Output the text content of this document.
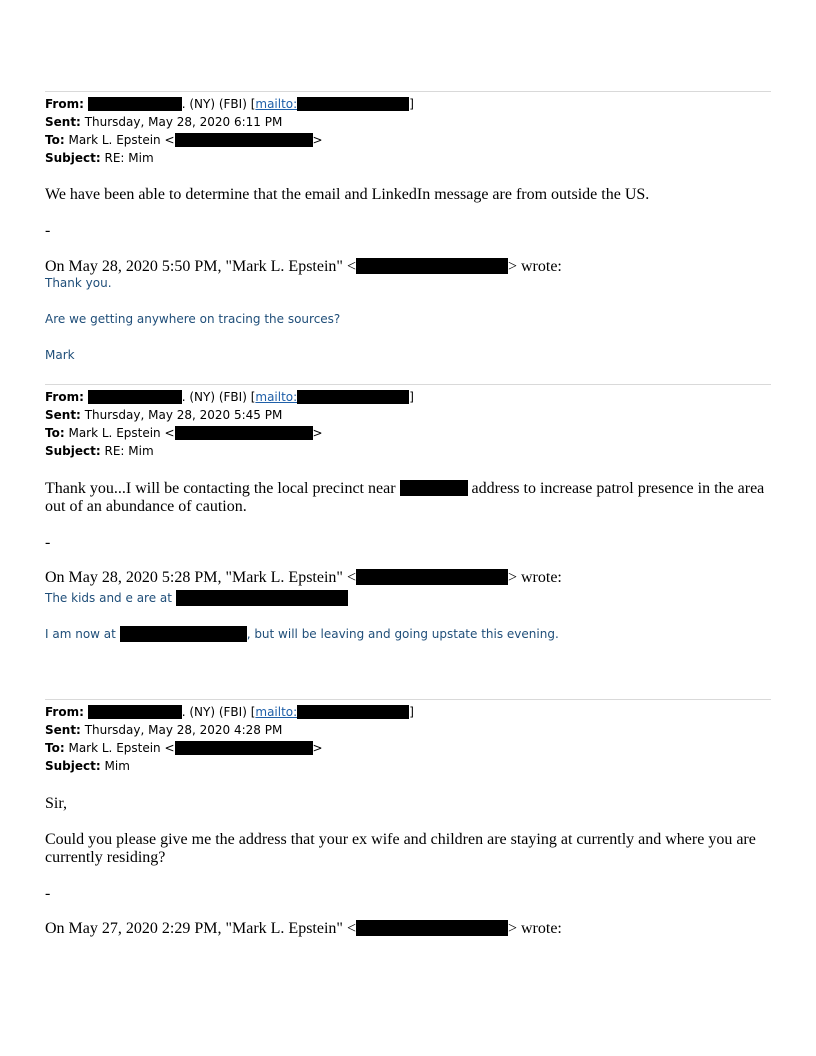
From:	. (NY) (FBI) [mailto:	]
Sent: Thursday, May 28, 2020 6:11 PM
To: Mark L. Epstein <	>
Subject: RE: Mim
We have been able to determine that the email and LinkedIn message are from outside the US.
-
On May 28, 2020 5:50 PM, "Mark L. Epstein" <	> wrote:
Thank you.
Are we getting anywhere on tracing the sources?
Mark
From:	. (NY) (FBI) [mailto:	]
Sent: Thursday, May 28, 2020 5:45 PM
To: Mark L. Epstein <	>
Subject: RE: Mim
Thank you...I will be contacting the local precinct near	address to increase patrol presence in the area
out of an abundance of caution.
-
On May 28, 2020 5:28 PM, "Mark L. Epstein" <	> wrote:
The kids and e are at
I am now at	, but will be leaving and going upstate this evening.
From:	. (NY) (FBI) [mailto:	]
Sent: Thursday, May 28, 2020 4:28 PM
To: Mark L. Epstein <	>
Subject: Mim
Sir,
Could you please give me the address that your ex wife and children are staying at currently and where you are
currently residing?
-
On May 27, 2020 2:29 PM, "Mark L. Epstein" <	> wrote:
